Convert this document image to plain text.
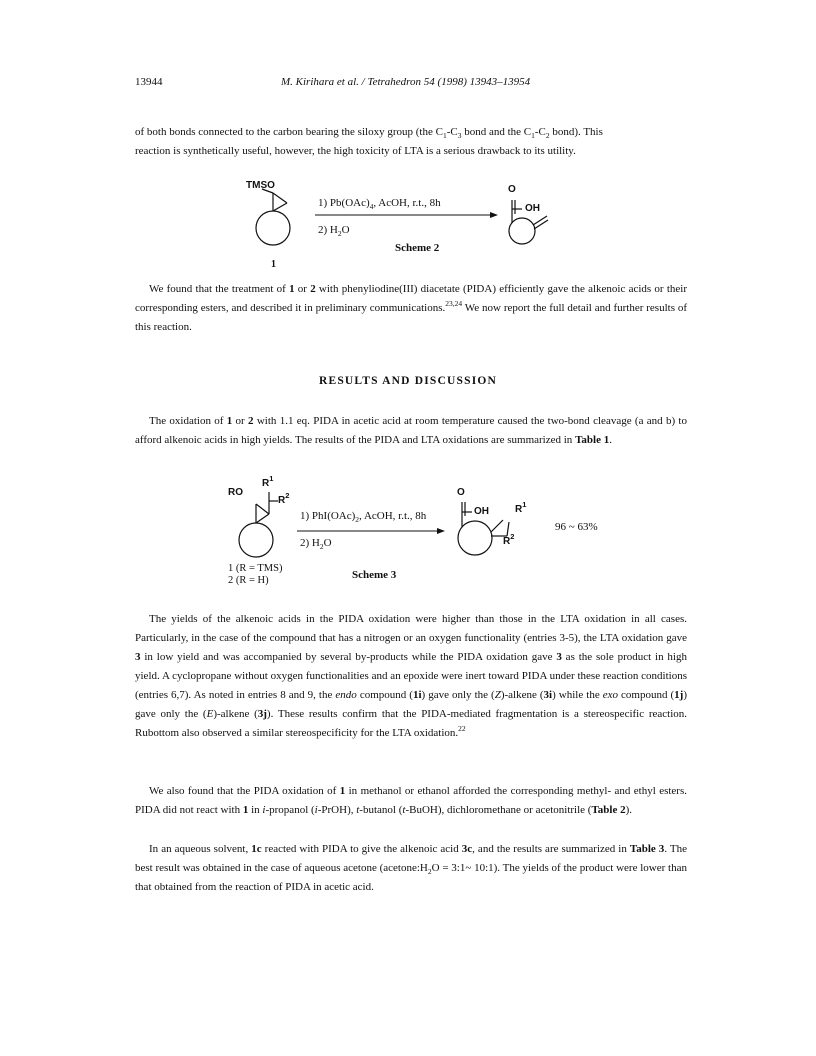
13944	M. Kirihara et al. / Tetrahedron 54 (1998) 13943–13954
of both bonds connected to the carbon bearing the siloxy group (the $C_1-C_3$ bond and the $C_1-C_2$ bond). This
reaction is synthetically useful, however, the high toxicity of LTA is a serious drawback to its utility.
TMSO
1
1) $Pb(OAc)_4$, AcOH, r.t., 8h
2) $H_2O$
Scheme 2
O
OH
We found that the treatment of 1 or 2 with phenyliodine(III) diacetate (PIDA) efficiently gave the alkenoic acids or their corresponding esters, and described it in preliminary communications.$^{23,24}$ We now report the full detail and further results of this reaction.
RESULTS AND DISCUSSION
The oxidation of 1 or 2 with 1.1 eq. PIDA in acetic acid at room temperature caused the two-bond cleavage (a and b) to afford alkenoic acids in high yields. The results of the PIDA and LTA oxidations are summarized in Table 1.
RO
$R^1$
$R^2$
1) $PhI(OAc)_2$, AcOH, r.t., 8h
2) $H_2O$
O
OH	$R^1$
$R^2$
96 ~ 63%
1 (R = TMS)
2 (R = H)	Scheme 3
The yields of the alkenoic acids in the PIDA oxidation were higher than those in the LTA oxidation in all cases. Particularly, in the case of the compound that has a nitrogen or an oxygen functionality (entries 3-5), the LTA oxidation gave 3 in low yield and was accompanied by several by-products while the PIDA oxidation gave 3 as the sole product in high yield. A cyclopropane without oxygen functionalities and an epoxide were inert toward PIDA under these reaction conditions (entries 6,7). As noted in entries 8 and 9, the endo compound (1i) gave only the (Z)-alkene (3i) while the exo compound (1j) gave only the (E)-alkene (3j). These results confirm that the PIDA-mediated fragmentation is a stereospecific reaction. Rubottom also observed a similar stereospecificity for the LTA oxidation.$^{22}$
We also found that the PIDA oxidation of 1 in methanol or ethanol afforded the corresponding methyl- and ethyl esters. PIDA did not react with 1 in i-propanol (i-PrOH), t-butanol (t-BuOH), dichloromethane or acetonitrile (Table 2).
In an aqueous solvent, 1c reacted with PIDA to give the alkenoic acid 3c, and the results are summarized in Table 3. The best result was obtained in the case of aqueous acetone ($acetone:H_2O$ = 3:1~ 10:1). The yields of the product were lower than that obtained from the reaction of PIDA in acetic acid.
